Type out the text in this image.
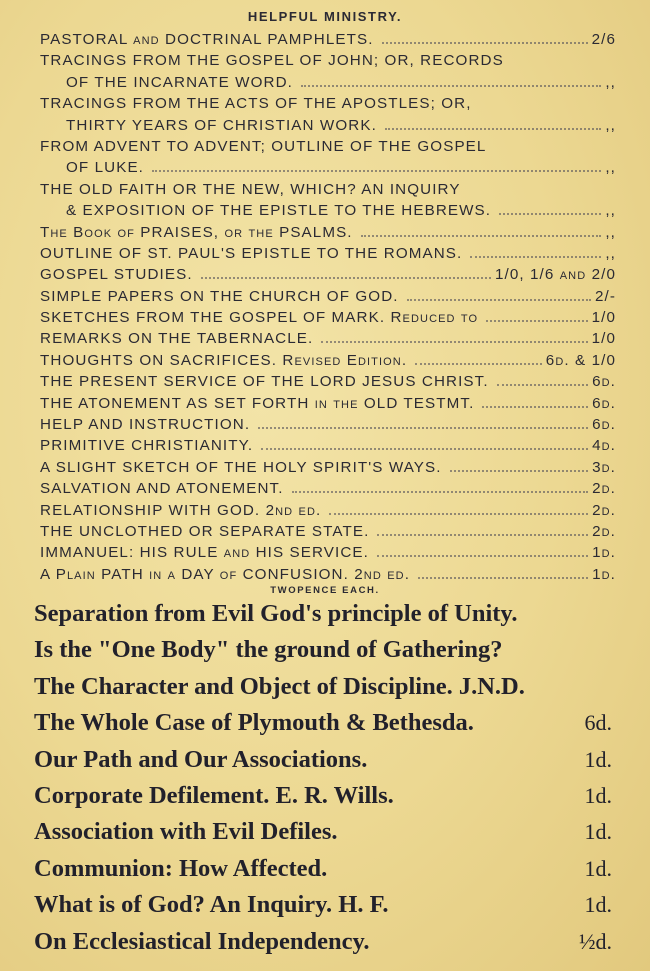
HELPFUL MINISTRY.
PASTORAL and DOCTRINAL PAMPHLETS.	2/6
TRACINGS FROM THE GOSPEL OF JOHN; OR, RECORDS
OF THE INCARNATE WORD.	,,
TRACINGS FROM THE ACTS OF THE APOSTLES; OR,
THIRTY YEARS OF CHRISTIAN WORK.	,,
FROM ADVENT TO ADVENT; OUTLINE OF THE GOSPEL
OF LUKE.	,,
THE OLD FAITH OR THE NEW, WHICH? AN INQUIRY
& EXPOSITION OF THE EPISTLE TO THE HEBREWS.	,,
The Book of PRAISES, or the PSALMS.	,,
OUTLINE OF ST. PAUL'S EPISTLE TO THE ROMANS.	,,
GOSPEL STUDIES.	1/0, 1/6 and 2/0
SIMPLE PAPERS ON THE CHURCH OF GOD.	2/-
SKETCHES FROM THE GOSPEL OF MARK. Reduced to	1/0
REMARKS ON THE TABERNACLE.	1/0
THOUGHTS ON SACRIFICES. Revised Edition.	6d. & 1/0
THE PRESENT SERVICE OF THE LORD JESUS CHRIST.	6d.
THE ATONEMENT AS SET FORTH in the OLD TESTMT.	6d.
HELP AND INSTRUCTION.	6d.
PRIMITIVE CHRISTIANITY.	4d.
A SLIGHT SKETCH OF THE HOLY SPIRIT'S WAYS.	3d.
SALVATION AND ATONEMENT.	2d.
RELATIONSHIP WITH GOD. 2nd ed.	2d.
THE UNCLOTHED OR SEPARATE STATE.	2d.
IMMANUEL: HIS RULE and HIS SERVICE.	1d.
A Plain PATH in a DAY of CONFUSION. 2nd ed.	1d.
TWOPENCE EACH.
Separation from Evil God's principle of Unity.
Is the "One Body" the ground of Gathering?
The Character and Object of Discipline. J.N.D.
The Whole Case of Plymouth & Bethesda.	6d.
Our Path and Our Associations.	1d.
Corporate Defilement. E. R. Wills.	1d.
Association with Evil Defiles.	1d.
Communion: How Affected.	1d.
What is of God? An Inquiry. H. F.	1d.
On Ecclesiastical Independency.	½d.
